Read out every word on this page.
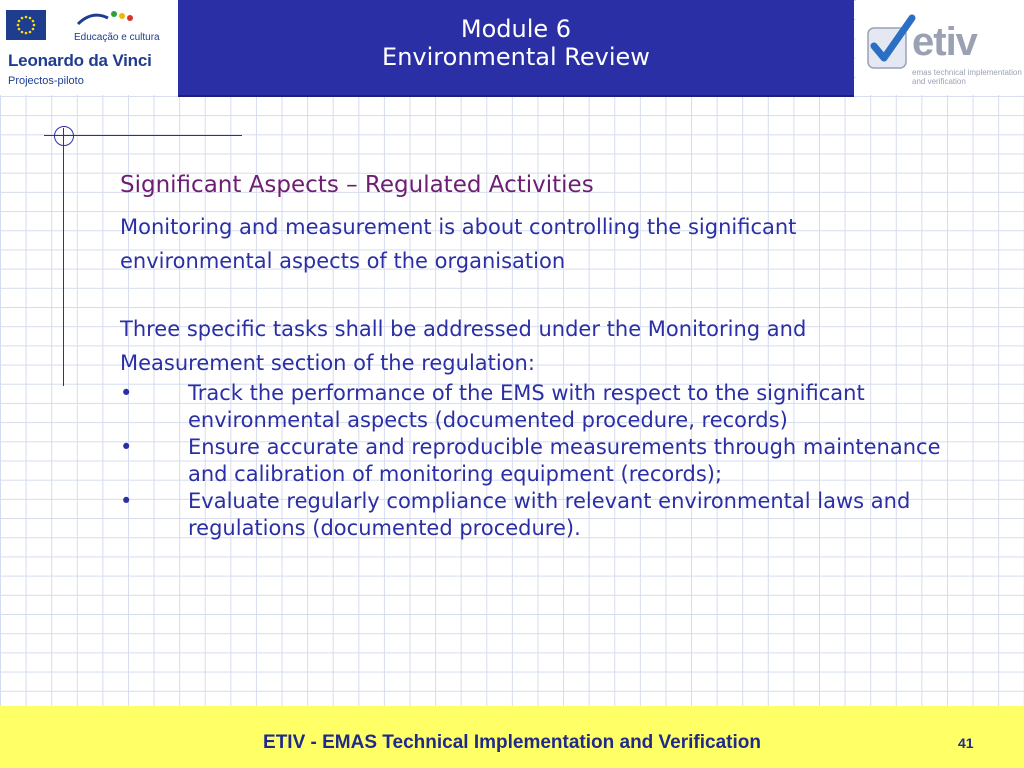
Educação e cultura
Leonardo da Vinci
Projectos-piloto
Module 6
Environmental Review	etiv
emas technical implementation and verification
Significant Aspects – Regulated Activities

Monitoring and measurement is about controlling the significant environmental aspects of the organisation

Three specific tasks shall be addressed under the Monitoring and Measurement section of the regulation:

•	Track the performance of the EMS with respect to the significant environmental aspects (documented procedure, records)
•	Ensure accurate and reproducible measurements through maintenance and calibration of monitoring equipment (records);
•	Evaluate regularly compliance with relevant environmental laws and regulations (documented procedure).
ETIV - EMAS Technical Implementation and Verification	41
